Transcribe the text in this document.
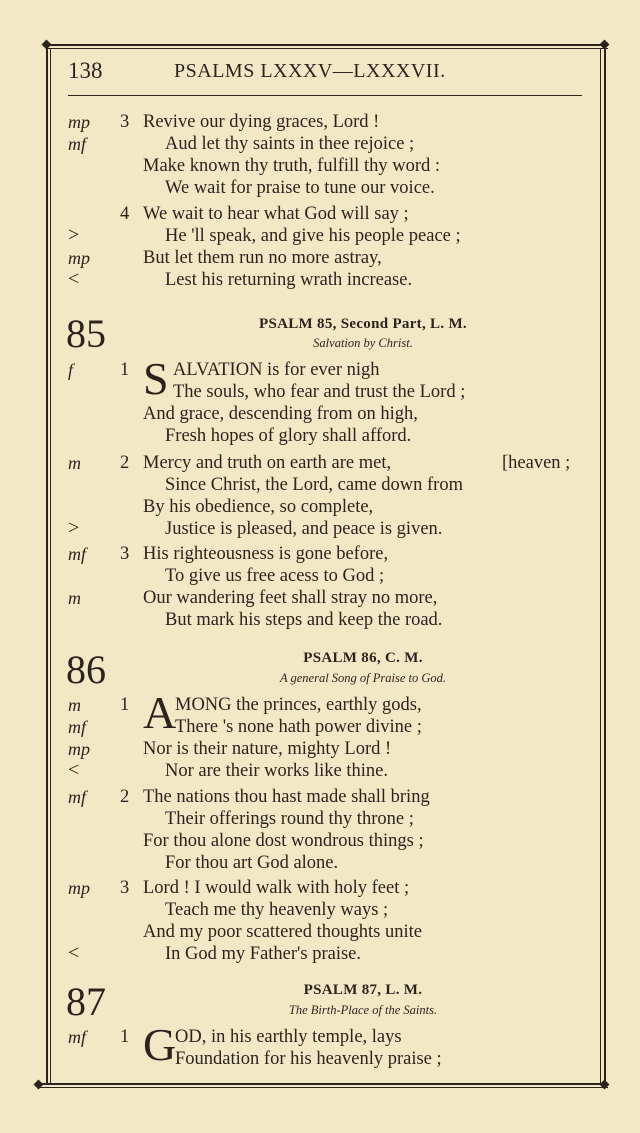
138	PSALMS LXXXV—LXXXVII.
mp 3 Revive our dying graces, Lord !
mf	Aud let thy saints in thee rejoice ;
Make known thy truth, fulfill thy word :
We wait for praise to tune our voice.
4 We wait to hear what God will say ;
>	He 'll speak, and give his people peace ;
mp	But let them run no more astray,
<	Lest his returning wrath increase.
85	PSALM 85, Second Part, L. M.
Salvation by Christ.
S
f	1 ALVATION is for ever nigh
The souls, who fear and trust the Lord ;
And grace, descending from on high,
Fresh hopes of glory shall afford.
m 2 Mercy and truth on earth are met,	[heaven ;
Since Christ, the Lord, came down from
By his obedience, so complete,
>	Justice is pleased, and peace is given.
mf 3 His righteousness is gone before,
To give us free acess to God ;
m	Our wandering feet shall stray no more,
But mark his steps and keep the road.
86	PSALM 86, C. M.
A general Song of Praise to God.
A
m 1 MONG the princes, earthly gods,
mf	There 's none hath power divine ;
mp	Nor is their nature, mighty Lord !
<	Nor are their works like thine.
mf 2 The nations thou hast made shall bring
Their offerings round thy throne ;
For thou alone dost wondrous things ;
For thou art God alone.
mp 3 Lord ! I would walk with holy feet ;
Teach me thy heavenly ways ;
And my poor scattered thoughts unite
<	In God my Father's praise.
87	PSALM 87, L. M.
The Birth-Place of the Saints.
G
mf 1 OD, in his earthly temple, lays
Foundation for his heavenly praise ;
